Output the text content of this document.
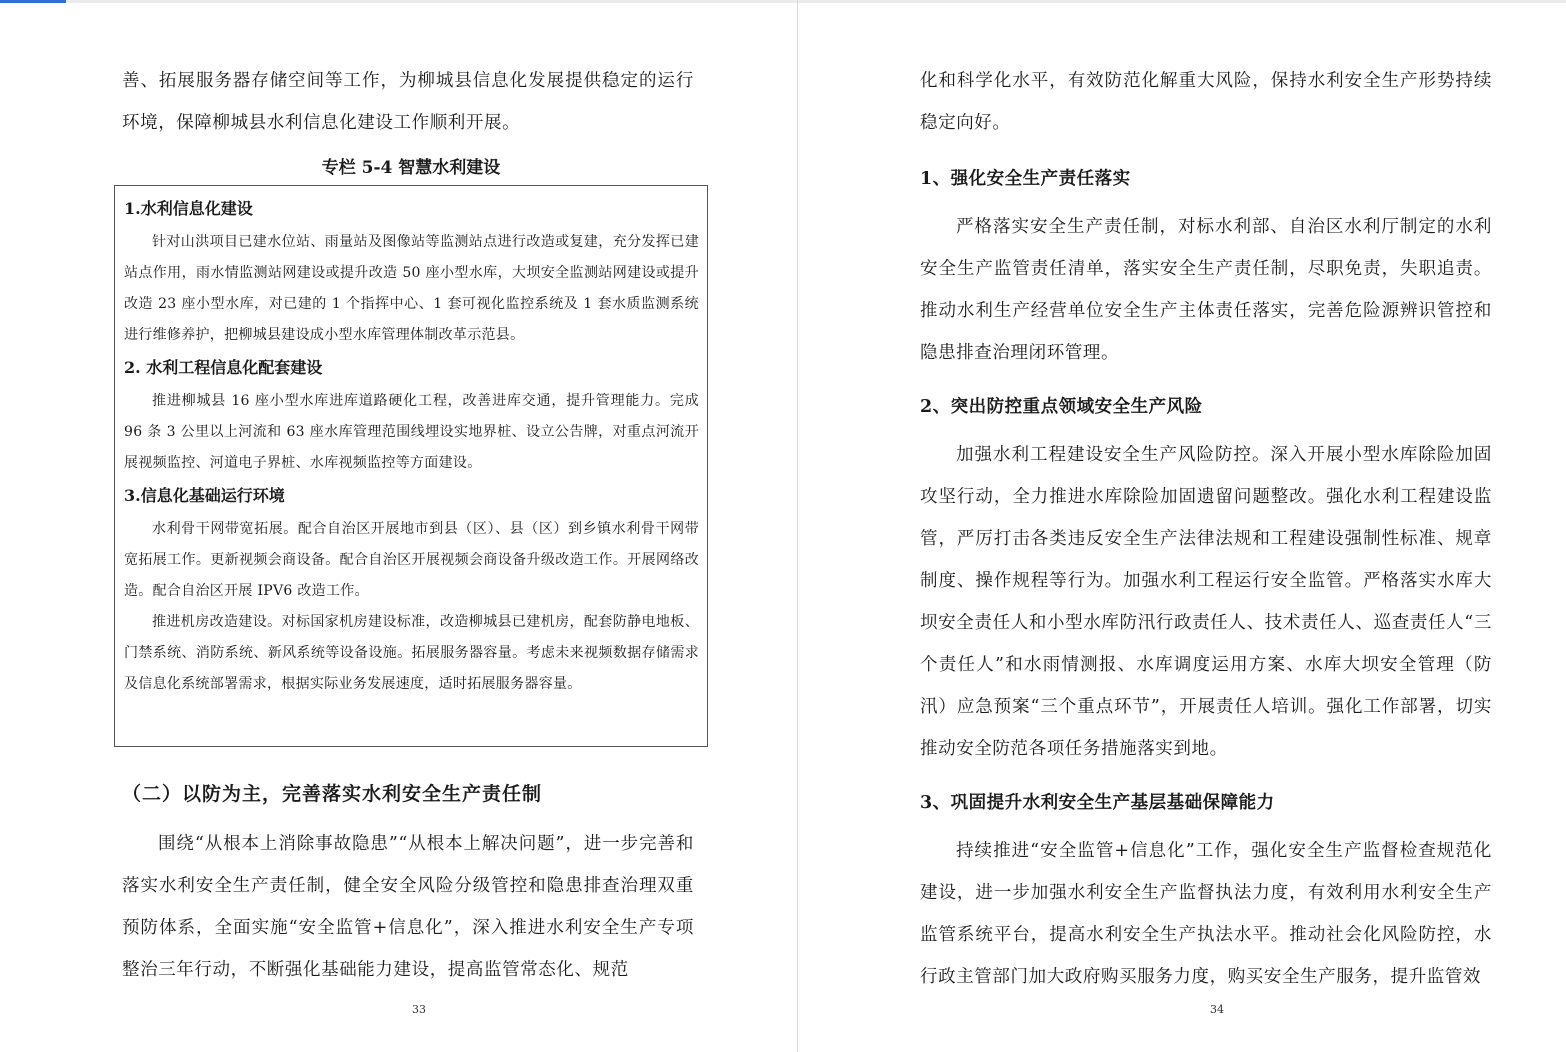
善、拓展服务器存储空间等工作，为柳城县信息化发展提供稳定的运行环境，保障柳城县水利信息化建设工作顺利开展。

专栏 5-4 智慧水利建设

1.水利信息化建设

针对山洪项目已建水位站、雨量站及图像站等监测站点进行改造或复建，充分发挥已建站点作用，雨水情监测站网建设或提升改造 50 座小型水库，大坝安全监测站网建设或提升改造 23 座小型水库，对已建的 1 个指挥中心、1 套可视化监控系统及 1 套水质监测系统进行维修养护，把柳城县建设成小型水库管理体制改革示范县。

2. 水利工程信息化配套建设

推进柳城县 16 座小型水库进库道路硬化工程，改善进库交通，提升管理能力。完成 96 条 3 公里以上河流和 63 座水库管理范围线埋设实地界桩、设立公告牌，对重点河流开展视频监控、河道电子界桩、水库视频监控等方面建设。

3.信息化基础运行环境

水利骨干网带宽拓展。配合自治区开展地市到县（区）、县（区）到乡镇水利骨干网带宽拓展工作。更新视频会商设备。配合自治区开展视频会商设备升级改造工作。开展网络改造。配合自治区开展 IPV6 改造工作。

推进机房改造建设。对标国家机房建设标准，改造柳城县已建机房，配套防静电地板、门禁系统、消防系统、新风系统等设备设施。拓展服务器容量。考虑未来视频数据存储需求及信息化系统部署需求，根据实际业务发展速度，适时拓展服务器容量。

（二）以防为主，完善落实水利安全生产责任制

围绕“从根本上消除事故隐患”“从根本上解决问题”，进一步完善和落实水利安全生产责任制，健全安全风险分级管控和隐患排查治理双重预防体系，全面实施“安全监管+信息化”，深入推进水利安全生产专项整治三年行动，不断强化基础能力建设，提高监管常态化、规范

33

化和科学化水平，有效防范化解重大风险，保持水利安全生产形势持续稳定向好。

1、强化安全生产责任落实

严格落实安全生产责任制，对标水利部、自治区水利厅制定的水利安全生产监管责任清单，落实安全生产责任制，尽职免责，失职追责。推动水利生产经营单位安全生产主体责任落实，完善危险源辨识管控和隐患排查治理闭环管理。

2、突出防控重点领域安全生产风险

加强水利工程建设安全生产风险防控。深入开展小型水库除险加固攻坚行动，全力推进水库除险加固遗留问题整改。强化水利工程建设监管，严厉打击各类违反安全生产法律法规和工程建设强制性标准、规章制度、操作规程等行为。加强水利工程运行安全监管。严格落实水库大坝安全责任人和小型水库防汛行政责任人、技术责任人、巡查责任人“三个责任人”和水雨情测报、水库调度运用方案、水库大坝安全管理（防汛）应急预案“三个重点环节”，开展责任人培训。强化工作部署，切实推动安全防范各项任务措施落实到地。

3、巩固提升水利安全生产基层基础保障能力

持续推进“安全监管+信息化”工作，强化安全生产监督检查规范化建设，进一步加强水利安全生产监督执法力度，有效利用水利安全生产监管系统平台，提高水利安全生产执法水平。推动社会化风险防控，水行政主管部门加大政府购买服务力度，购买安全生产服务，提升监管效

34
